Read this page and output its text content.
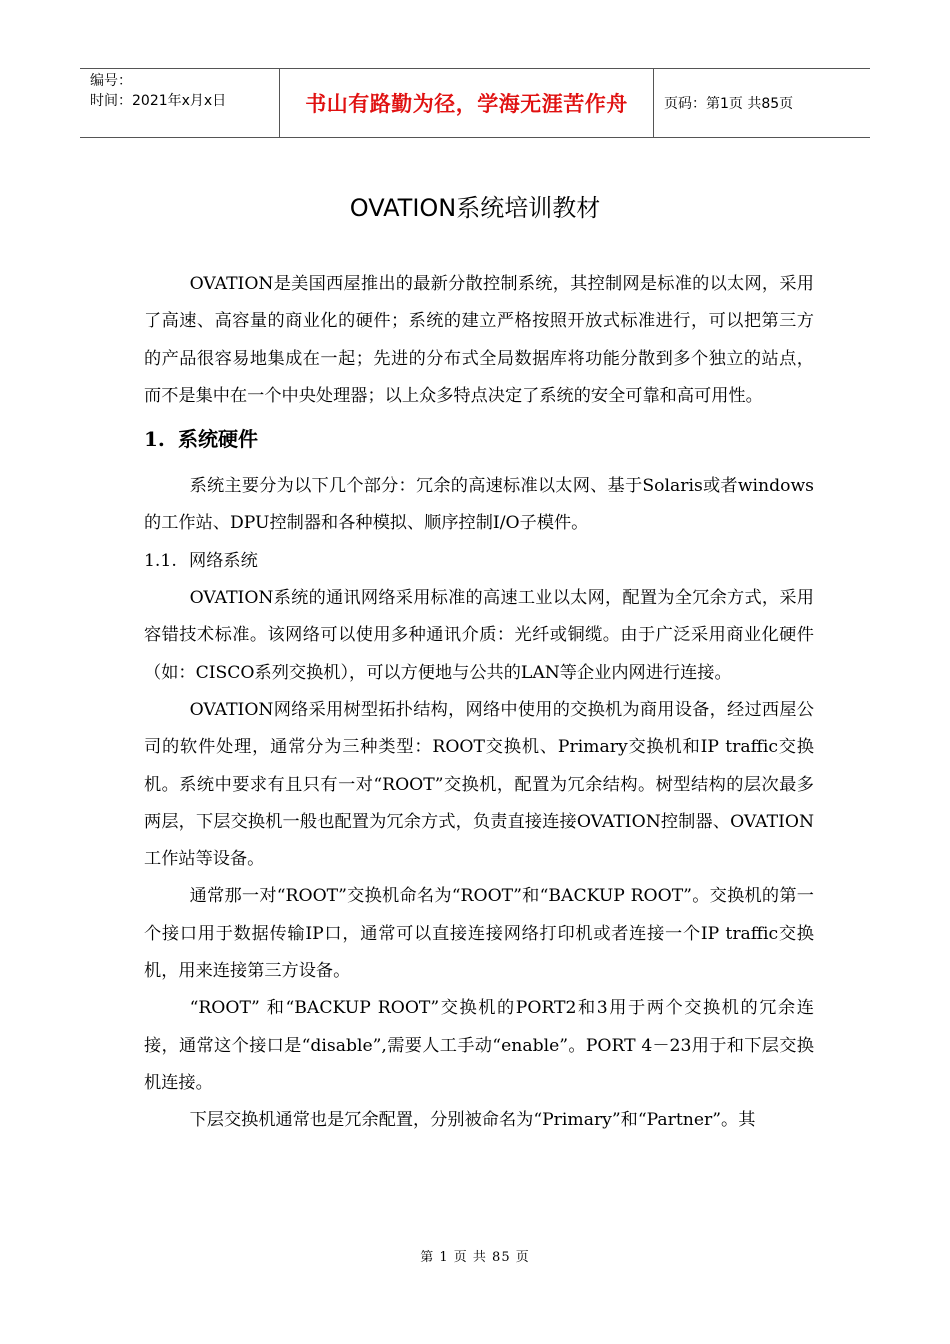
编号：
时间：2021年x月x日	书山有路勤为径，学海无涯苦作舟	页码：第1页 共85页
OVATION系统培训教材

OVATION是美国西屋推出的最新分散控制系统，其控制网是标准的以太网，采用了高速、高容量的商业化的硬件；系统的建立严格按照开放式标准进行，可以把第三方的产品很容易地集成在一起；先进的分布式全局数据库将功能分散到多个独立的站点，而不是集中在一个中央处理器；以上众多特点决定了系统的安全可靠和高可用性。

1. 系统硬件

系统主要分为以下几个部分：冗余的高速标准以太网、基于Solaris或者windows的工作站、DPU控制器和各种模拟、顺序控制I/O子模件。

1.1. 网络系统

OVATION系统的通讯网络采用标准的高速工业以太网，配置为全冗余方式，采用容错技术标准。该网络可以使用多种通讯介质：光纤或铜缆。由于广泛采用商业化硬件（如：CISCO系列交换机），可以方便地与公共的LAN等企业内网进行连接。

OVATION网络采用树型拓扑结构，网络中使用的交换机为商用设备，经过西屋公司的软件处理，通常分为三种类型：ROOT交换机、Primary交换机和IP traffic交换机。系统中要求有且只有一对“ROOT”交换机，配置为冗余结构。树型结构的层次最多两层，下层交换机一般也配置为冗余方式，负责直接连接OVATION控制器、OVATION工作站等设备。

通常那一对“ROOT”交换机命名为“ROOT”和“BACKUP ROOT”。交换机的第一个接口用于数据传输IP口，通常可以直接连接网络打印机或者连接一个IP traffic交换机，用来连接第三方设备。

“ROOT” 和“BACKUP ROOT”交换机的PORT2和3用于两个交换机的冗余连接，通常这个接口是“disable”,需要人工手动“enable”。PORT 4－23用于和下层交换机连接。

下层交换机通常也是冗余配置，分别被命名为“Primary”和“Partner”。其

第 1 页 共 85 页
